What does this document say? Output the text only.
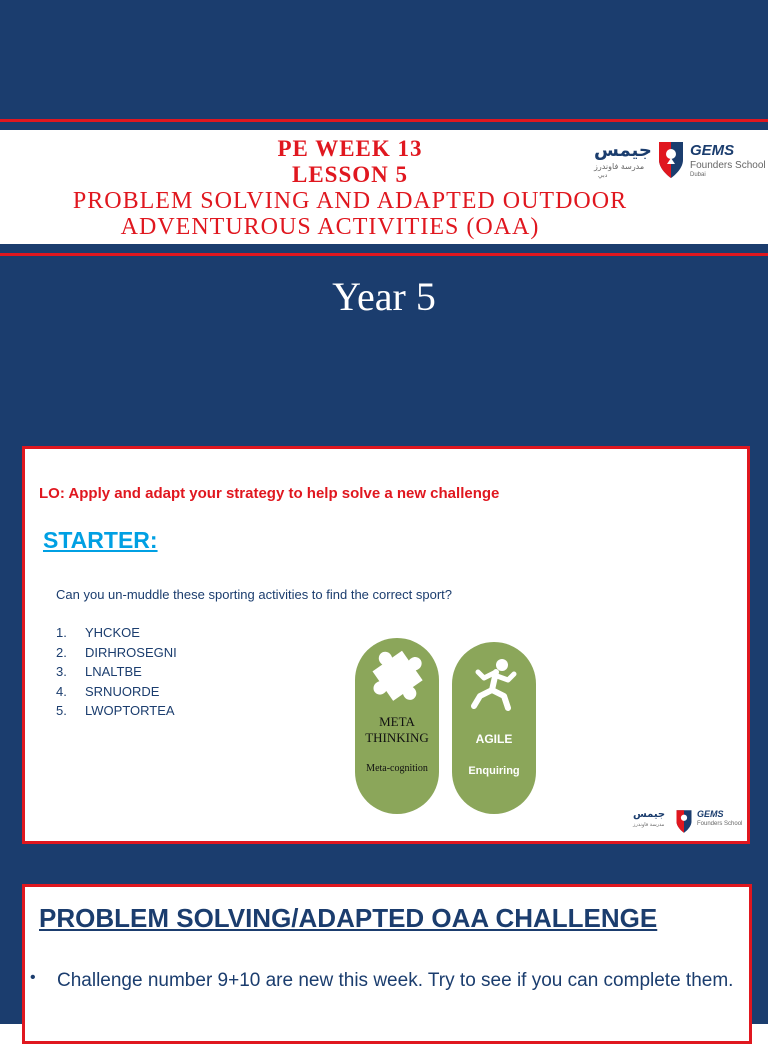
PE WEEK 13
LESSON 5
PROBLEM SOLVING AND ADAPTED OUTDOOR
ADVENTUROUS ACTIVITIES (OAA)
جيمس
مدرسة فاوندرز
دبي
GEMS
Founders School
Dubai
Year 5
LO: Apply and adapt your strategy to help solve a new challenge
STARTER:
Can you un-muddle these sporting activities to find the correct sport?
1.	YHCKOE
2.	DIRHROSEGNI
3.	LNALTBE
4.	SRNUORDE
5.	LWOPTORTEA
META
THINKING
Meta-cognition
AGILE
Enquiring
جيمس
مدرسة فاوندرز
GEMS
Founders School
PROBLEM SOLVING/ADAPTED OAA CHALLENGE
• Challenge number 9+10 are new this week. Try to see if you can complete them.
